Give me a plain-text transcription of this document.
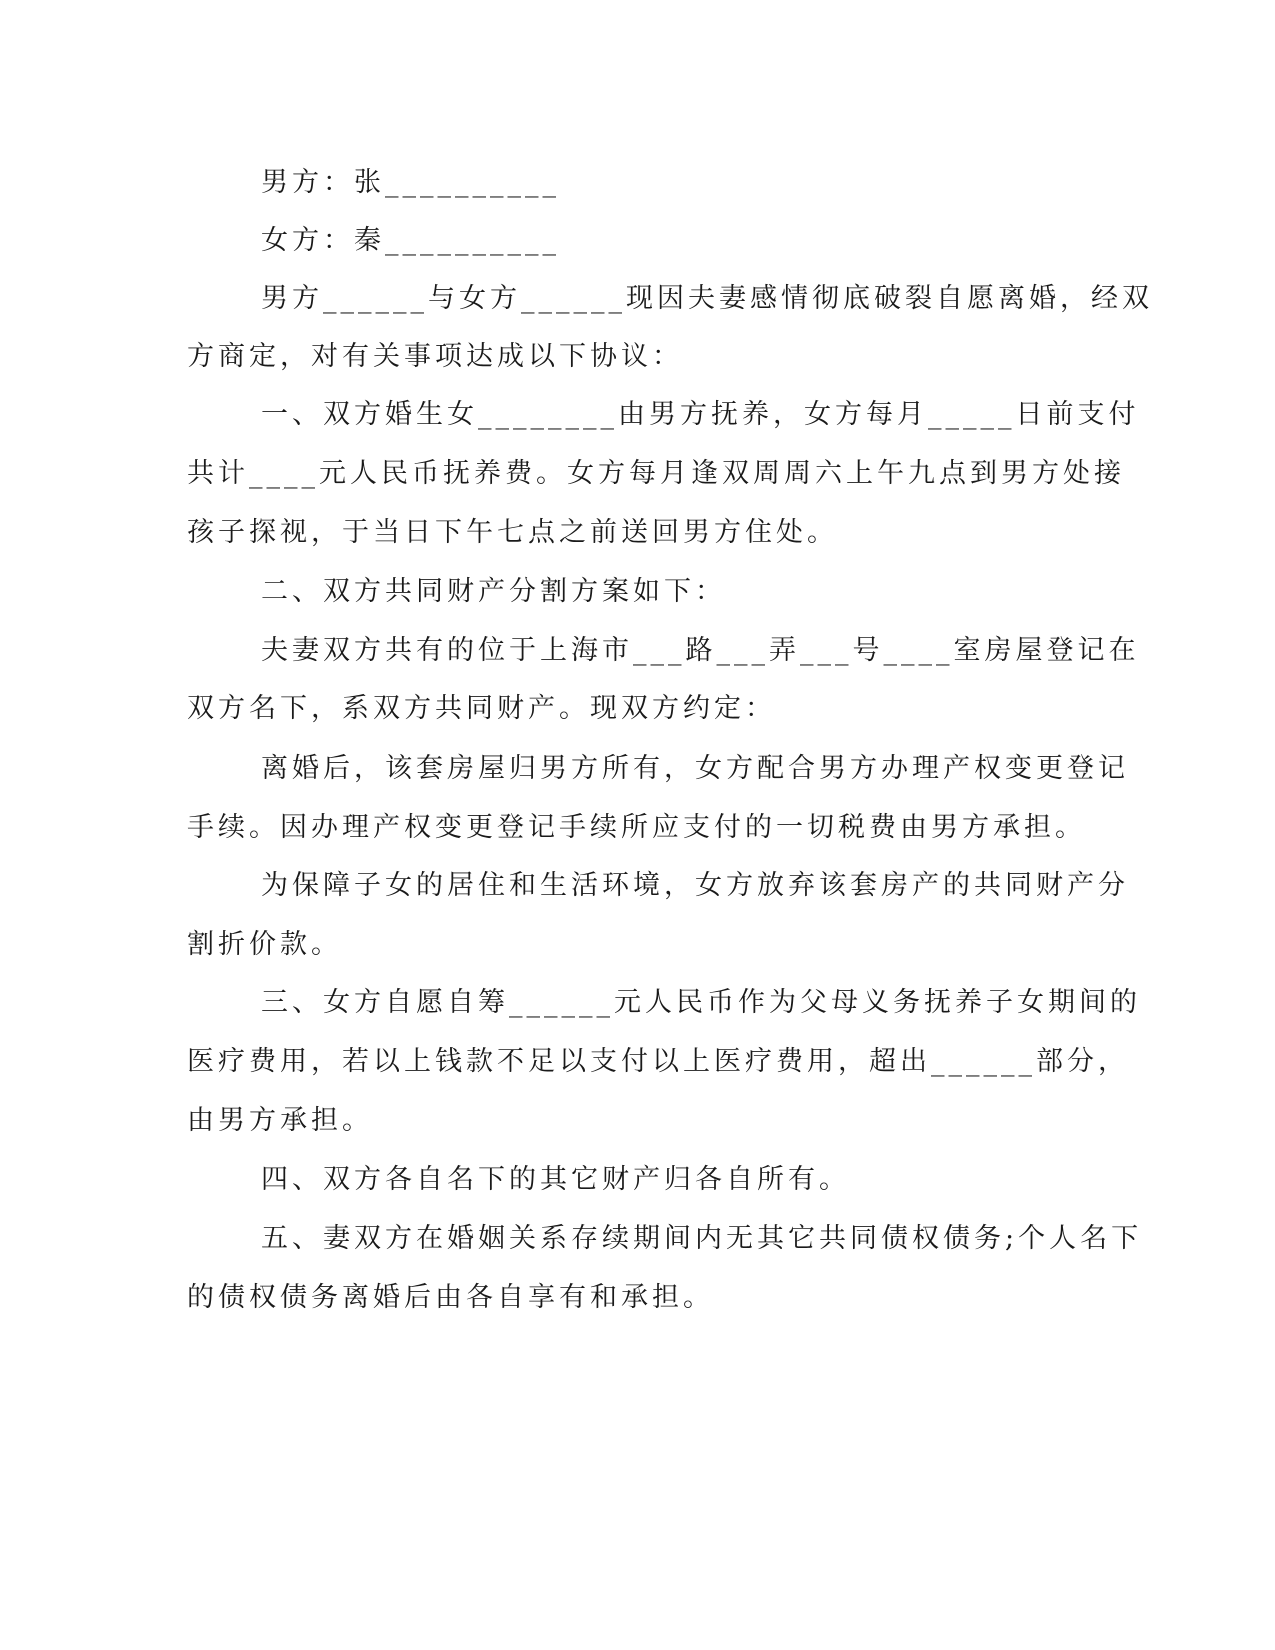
男方：张__________
女方：秦__________
男方______与女方______现因夫妻感情彻底破裂自愿离婚，经双
方商定，对有关事项达成以下协议：
一、双方婚生女________由男方抚养，女方每月_____日前支付
共计____元人民币抚养费。女方每月逢双周周六上午九点到男方处接
孩子探视，于当日下午七点之前送回男方住处。
二、双方共同财产分割方案如下：
夫妻双方共有的位于上海市___路___弄___号____室房屋登记在
双方名下，系双方共同财产。现双方约定：
离婚后，该套房屋归男方所有，女方配合男方办理产权变更登记
手续。因办理产权变更登记手续所应支付的一切税费由男方承担。
为保障子女的居住和生活环境，女方放弃该套房产的共同财产分
割折价款。
三、女方自愿自筹______元人民币作为父母义务抚养子女期间的
医疗费用，若以上钱款不足以支付以上医疗费用，超出______部分，
由男方承担。
四、双方各自名下的其它财产归各自所有。
五、妻双方在婚姻关系存续期间内无其它共同债权债务;个人名下
的债权债务离婚后由各自享有和承担。
